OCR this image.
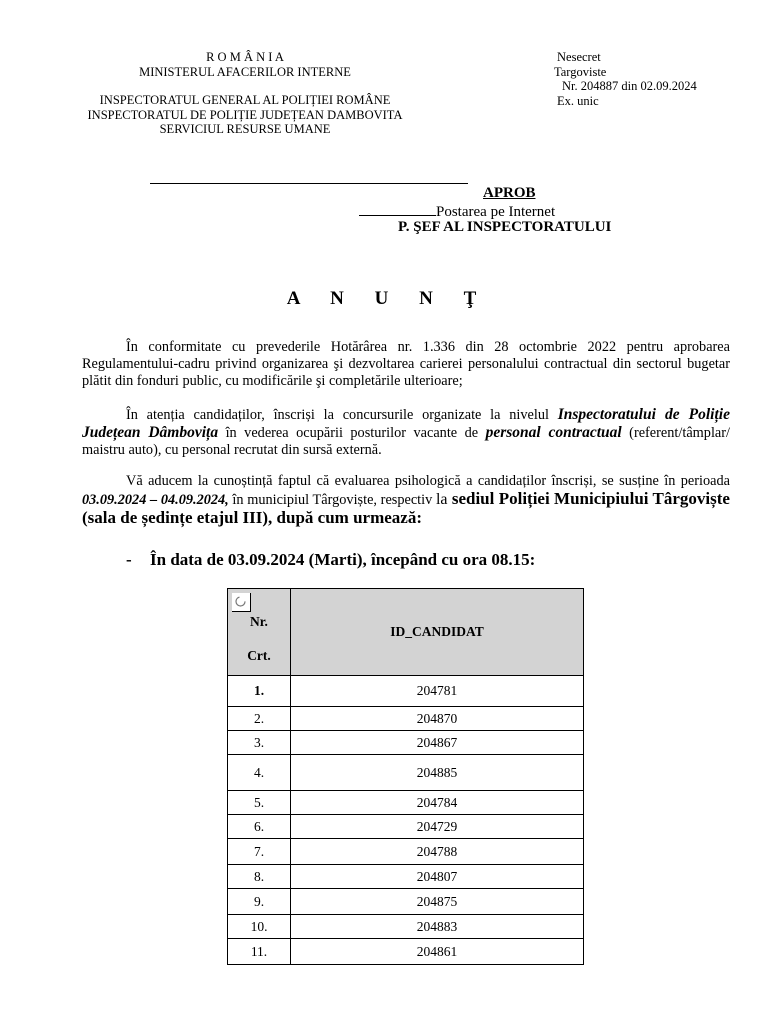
R O M Â N I A
MINISTERUL AFACERILOR INTERNE
INSPECTORATUL GENERAL AL POLIȚIEI ROMÂNE
INSPECTORATUL DE POLIȚIE JUDEȚEAN DAMBOVITA
SERVICIUL RESURSE UMANE
Nesecret
Targoviste
Nr. 204887 din 02.09.2024
Ex. unic
APROB
Postarea pe Internet
P. ŞEF AL INSPECTORATULUI
A N U N Ţ
În conformitate cu prevederile Hotărârea nr. 1.336 din 28 octombrie 2022 pentru aprobarea Regulamentului-cadru privind organizarea şi dezvoltarea carierei personalului contractual din sectorul bugetar plătit din fonduri public, cu modificările şi completările ulterioare;
În atenția candidaților, înscriși la concursurile organizate la nivelul Inspectoratului de Poliție Județean Dâmbovița în vederea ocupării posturilor vacante de personal contractual (referent/tâmplar/ maistru auto), cu personal recrutat din sursă externă.
Vă aducem la cunoștință faptul că evaluarea psihologică a candidaților înscriși, se susține în perioada 03.09.2024 – 04.09.2024, în municipiul Târgoviște, respectiv la sediul Poliției Municipiului Târgoviște (sala de ședințe etajul III), după cum urmează:
- În data de 03.09.2024 (Marti), începând cu ora 08.15:
Nr.
Crt.	ID_CANDIDAT
1.	204781
2.	204870
3.	204867
4.	204885
5.	204784
6.	204729
7.	204788
8.	204807
9.	204875
10.	204883
11.	204861
